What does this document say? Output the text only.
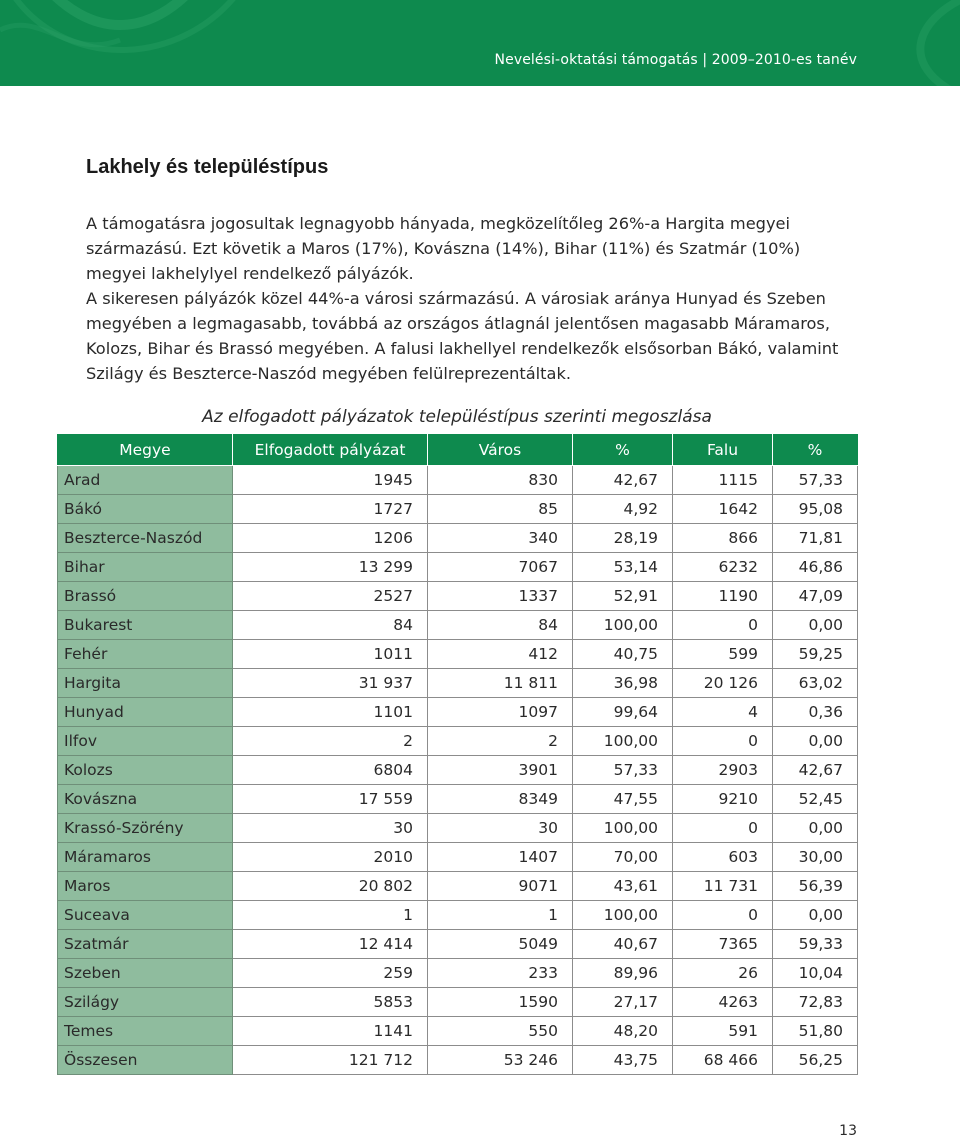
Nevelési-oktatási támogatás | 2009–2010-es tanév
Lakhely és településtípus

A támogatásra jogosultak legnagyobb hányada, megközelítőleg 26%-a Hargita megyei származású. Ezt követik a Maros (17%), Kovászna (14%), Bihar (11%) és Szatmár (10%) megyei lakhelylyel rendelkező pályázók.

A sikeresen pályázók közel 44%-a városi származású. A városiak aránya Hunyad és Szeben megyében a legmagasabb, továbbá az országos átlagnál jelentősen magasabb Máramaros, Kolozs, Bihar és Brassó megyében. A falusi lakhellyel rendelkezők elsősorban Bákó, valamint Szilágy és Beszterce-Naszód megyében felülreprezentáltak.

Az elfogadott pályázatok településtípus szerinti megoszlása
Megye	Elfogadott pályázat	Város	%	Falu	%
Arad	1945	830	42,67	1115	57,33
Bákó	1727	85	4,92	1642	95,08
Beszterce-Naszód	1206	340	28,19	866	71,81
Bihar	13 299	7067	53,14	6232	46,86
Brassó	2527	1337	52,91	1190	47,09
Bukarest	84	84	100,00	0	0,00
Fehér	1011	412	40,75	599	59,25
Hargita	31 937	11 811	36,98	20 126	63,02
Hunyad	1101	1097	99,64	4	0,36
Ilfov	2	2	100,00	0	0,00
Kolozs	6804	3901	57,33	2903	42,67
Kovászna	17 559	8349	47,55	9210	52,45
Krassó-Szörény	30	30	100,00	0	0,00
Máramaros	2010	1407	70,00	603	30,00
Maros	20 802	9071	43,61	11 731	56,39
Suceava	1	1	100,00	0	0,00
Szatmár	12 414	5049	40,67	7365	59,33
Szeben	259	233	89,96	26	10,04
Szilágy	5853	1590	27,17	4263	72,83
Temes	1141	550	48,20	591	51,80
Összesen	121 712	53 246	43,75	68 466	56,25
13
